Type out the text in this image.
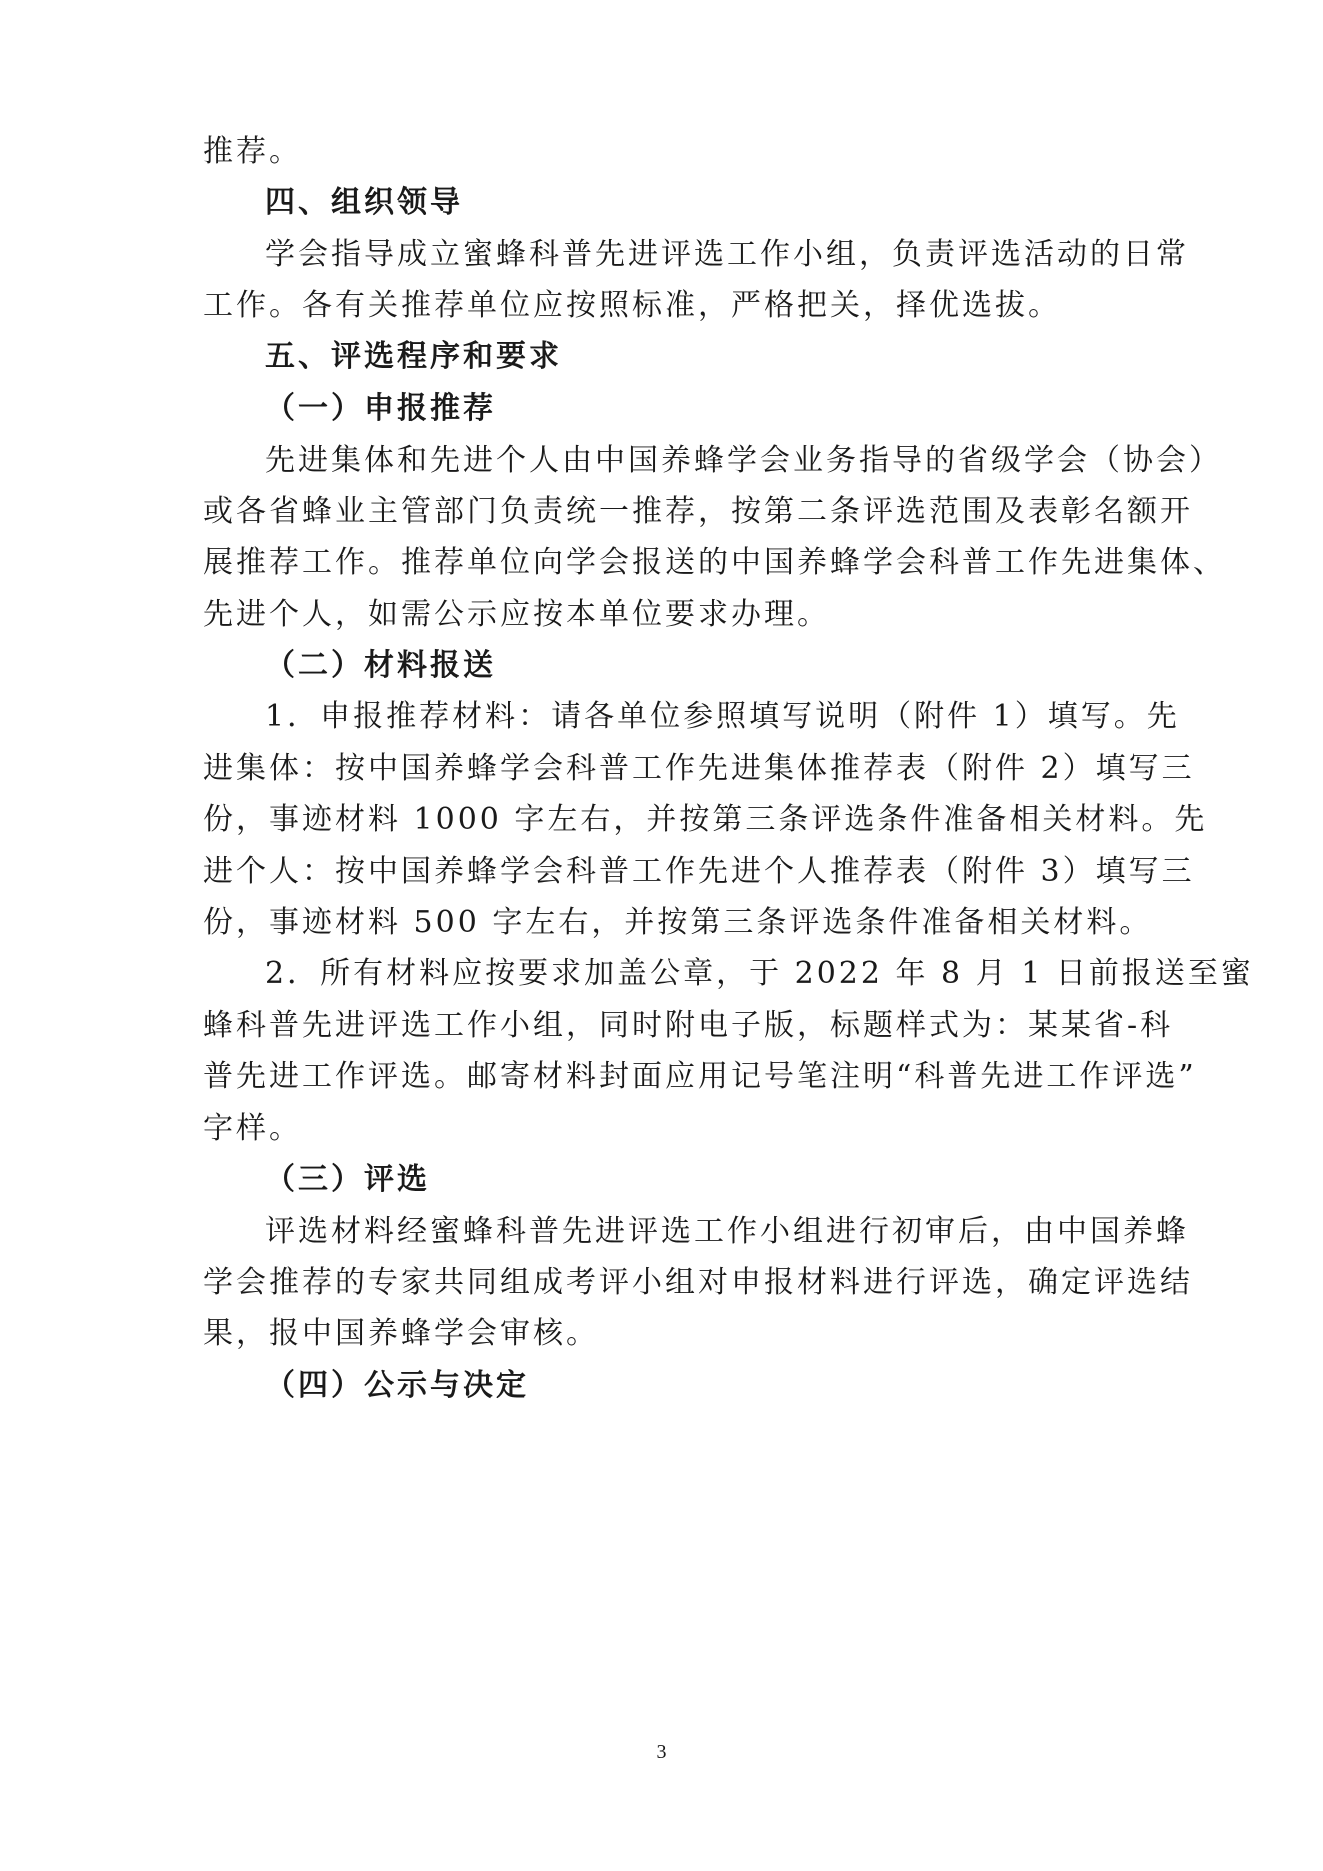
推荐。
四、组织领导
学会指导成立蜜蜂科普先进评选工作小组，负责评选活动的日常
工作。各有关推荐单位应按照标准，严格把关，择优选拔。
五、评选程序和要求
（一）申报推荐
先进集体和先进个人由中国养蜂学会业务指导的省级学会（协会）
或各省蜂业主管部门负责统一推荐，按第二条评选范围及表彰名额开
展推荐工作。推荐单位向学会报送的中国养蜂学会科普工作先进集体、
先进个人，如需公示应按本单位要求办理。
（二）材料报送
1．申报推荐材料：请各单位参照填写说明（附件 1）填写。先
进集体：按中国养蜂学会科普工作先进集体推荐表（附件 2）填写三
份，事迹材料 1000 字左右，并按第三条评选条件准备相关材料。先
进个人：按中国养蜂学会科普工作先进个人推荐表（附件 3）填写三
份，事迹材料 500 字左右，并按第三条评选条件准备相关材料。
2．所有材料应按要求加盖公章，于 2022 年 8 月 1 日前报送至蜜
蜂科普先进评选工作小组，同时附电子版，标题样式为：某某省-科
普先进工作评选。邮寄材料封面应用记号笔注明“科普先进工作评选”
字样。
（三）评选
评选材料经蜜蜂科普先进评选工作小组进行初审后，由中国养蜂
学会推荐的专家共同组成考评小组对申报材料进行评选，确定评选结
果，报中国养蜂学会审核。
（四）公示与决定
3
